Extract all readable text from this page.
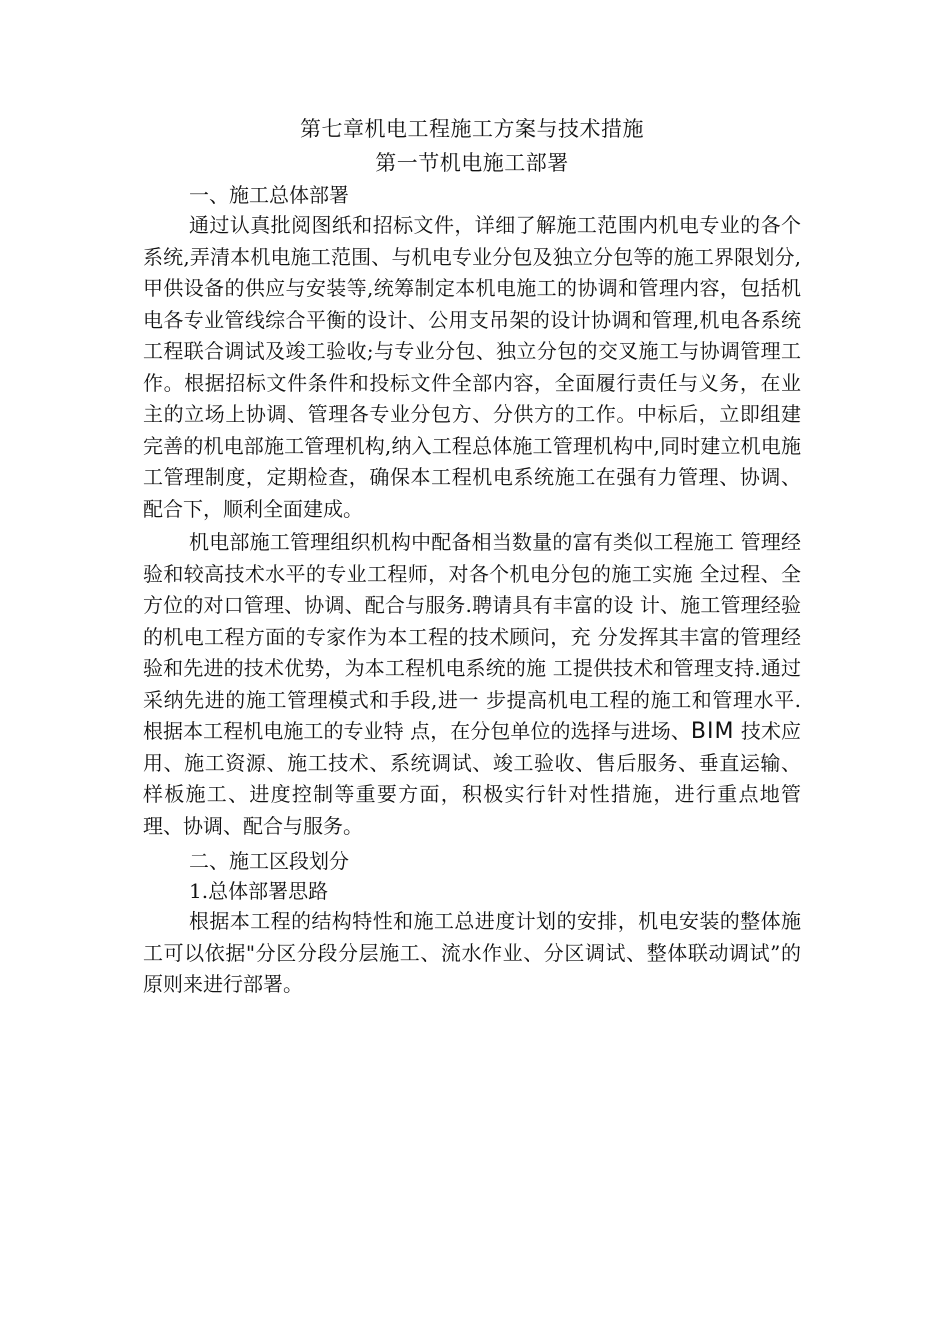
第七章机电工程施工方案与技术措施
第一节机电施工部署
一、施工总体部署

通过认真批阅图纸和招标文件，详细了解施工范围内机电专业的各个系统,弄清本机电施工范围、与机电专业分包及独立分包等的施工界限划分,甲供设备的供应与安装等,统筹制定本机电施工的协调和管理内容，包括机电各专业管线综合平衡的设计、公用支吊架的设计协调和管理,机电各系统工程联合调试及竣工验收;与专业分包、独立分包的交叉施工与协调管理工作。根据招标文件条件和投标文件全部内容，全面履行责任与义务，在业主的立场上协调、管理各专业分包方、分供方的工作。中标后，立即组建完善的机电部施工管理机构,纳入工程总体施工管理机构中,同时建立机电施工管理制度，定期检查，确保本工程机电系统施工在强有力管理、协调、配合下，顺利全面建成。

机电部施工管理组织机构中配备相当数量的富有类似工程施工 管理经验和较高技术水平的专业工程师，对各个机电分包的施工实施 全过程、全方位的对口管理、协调、配合与服务.聘请具有丰富的设 计、施工管理经验的机电工程方面的专家作为本工程的技术顾问，充 分发挥其丰富的管理经验和先进的技术优势，为本工程机电系统的施 工提供技术和管理支持.通过采纳先进的施工管理模式和手段,进一 步提高机电工程的施工和管理水平.根据本工程机电施工的专业特 点，在分包单位的选择与进场、BIM 技术应用、施工资源、施工技术、系统调试、竣工验收、售后服务、垂直运输、样板施工、进度控制等重要方面，积极实行针对性措施，进行重点地管理、协调、配合与服务。

二、施工区段划分
1.总体部署思路

根据本工程的结构特性和施工总进度计划的安排，机电安装的整体施工可以依据"分区分段分层施工、流水作业、分区调试、整体联动调试”的原则来进行部署。
